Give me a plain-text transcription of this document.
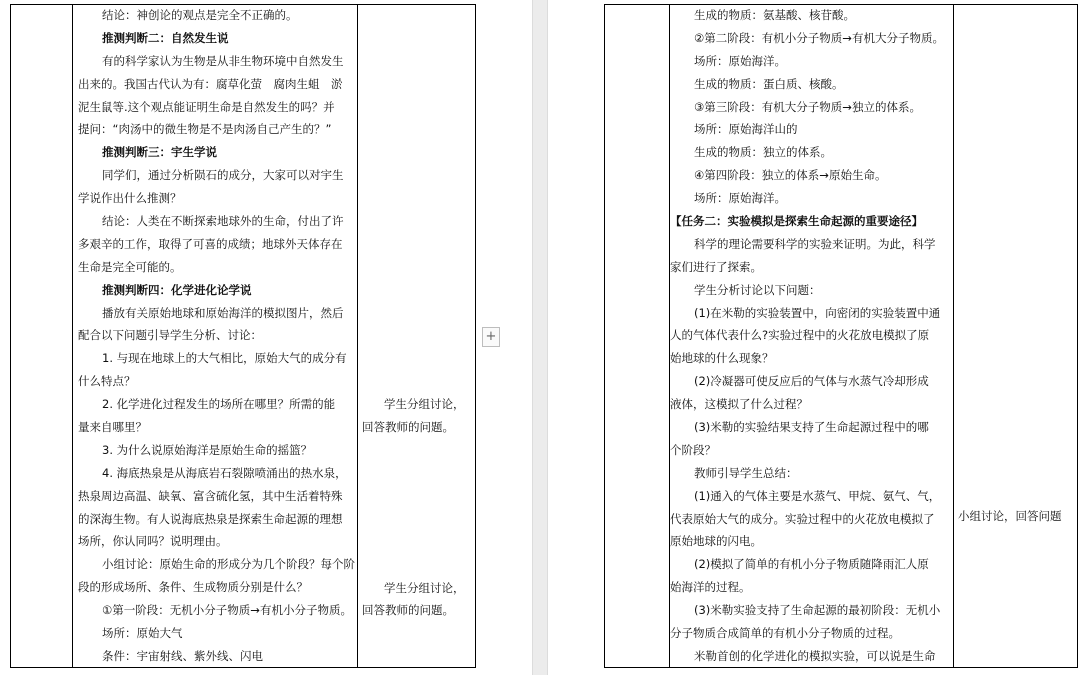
结论：神创论的观点是完全不正确的。
推测判断二：自然发生说
有的科学家认为生物是从非生物环境中自然发生
出来的。我国古代认为有：腐草化萤　腐肉生蛆　淤
泥生鼠等.这个观点能证明生命是自然发生的吗？并
提问：“肉汤中的微生物是不是肉汤自己产生的？”
推测判断三：宇生学说
同学们，通过分析陨石的成分，大家可以对宇生
学说作出什么推测？
结论：人类在不断探索地球外的生命，付出了许
多艰辛的工作，取得了可喜的成绩；地球外天体存在
生命是完全可能的。
推测判断四：化学进化论学说
播放有关原始地球和原始海洋的模拟图片，然后
配合以下问题引导学生分析、讨论：
1. 与现在地球上的大气相比，原始大气的成分有
什么特点？
2. 化学进化过程发生的场所在哪里？所需的能
量来自哪里？
3. 为什么说原始海洋是原始生命的摇篮？
4. 海底热泉是从海底岩石裂隙喷涌出的热水泉，
热泉周边高温、缺氧、富含硫化氢，其中生活着特殊
的深海生物。有人说海底热泉是探索生命起源的理想
场所，你认同吗？说明理由。
小组讨论：原始生命的形成分为几个阶段？每个阶
段的形成场所、条件、生成物质分别是什么？
①第一阶段：无机小分子物质→有机小分子物质。
场所：原始大气
条件：宇宙射线、紫外线、闪电
学生分组讨论，
回答教师的问题。
学生分组讨论，
回答教师的问题。
+
生成的物质：氨基酸、核苷酸。
②第二阶段：有机小分子物质→有机大分子物质。
场所：原始海洋。
生成的物质：蛋白质、核酸。
③第三阶段：有机大分子物质→独立的体系。
场所：原始海洋山的
生成的物质：独立的体系。
④第四阶段：独立的体系→原始生命。
场所：原始海洋。
【任务二：实验模拟是探索生命起源的重要途径】
科学的理论需要科学的实验来证明。为此，科学
家们进行了探索。
学生分析讨论以下问题：
(1)在米勒的实验装置中，向密闭的实验装置中通
人的气体代表什么?实验过程中的火花放电模拟了原
始地球的什么现象？
(2)冷凝器可使反应后的气体与水蒸气冷却形成
液体，这模拟了什么过程？
(3)米勒的实验结果支持了生命起源过程中的哪
个阶段？
教师引导学生总结：
(1)通入的气体主要是水蒸气、甲烷、氨气、气，
代表原始大气的成分。实验过程中的火花放电模拟了
原始地球的闪电。
(2)模拟了简单的有机小分子物质随降雨汇人原
始海洋的过程。
(3)米勒实验支持了生命起源的最初阶段：无机小
分子物质合成简单的有机小分子物质的过程。
米勒首创的化学进化的模拟实验，可以说是生命
小组讨论，回答问题
